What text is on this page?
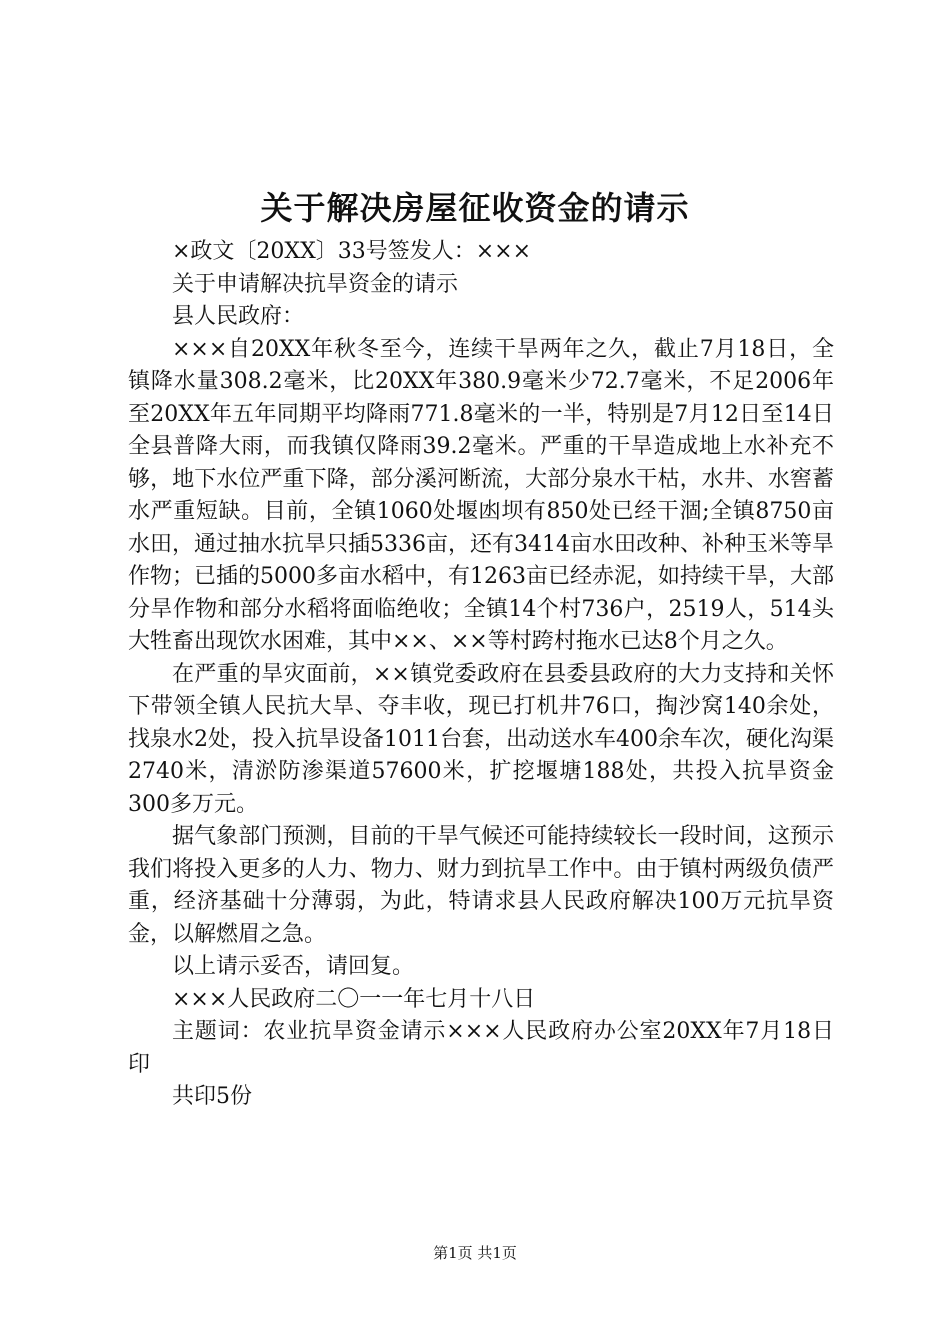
关于解决房屋征收资金的请示

×政文〔20XX〕33号签发人：×××

关于申请解决抗旱资金的请示

县人民政府：

×××自20XX年秋冬至今，连续干旱两年之久，截止7月18日，全镇降水量308.2毫米，比20XX年380.9毫米少72.7毫米，不足2006年至20XX年五年同期平均降雨771.8毫米的一半，特别是7月12日至14日全县普降大雨，而我镇仅降雨39.2毫米。严重的干旱造成地上水补充不够，地下水位严重下降，部分溪河断流，大部分泉水干枯，水井、水窖蓄水严重短缺。目前，全镇1060处堰凼坝有850处已经干涸;全镇8750亩水田，通过抽水抗旱只插5336亩，还有3414亩水田改种、补种玉米等旱作物；已插的5000多亩水稻中，有1263亩已经赤泥，如持续干旱，大部分旱作物和部分水稻将面临绝收；全镇14个村736户，2519人，514头大牲畜出现饮水困难，其中××、××等村跨村拖水已达8个月之久。

在严重的旱灾面前，××镇党委政府在县委县政府的大力支持和关怀下带领全镇人民抗大旱、夺丰收，现已打机井76口，掏沙窝140余处，找泉水2处，投入抗旱设备1011台套，出动送水车400余车次，硬化沟渠2740米，清淤防渗渠道57600米，扩挖堰塘188处，共投入抗旱资金300多万元。

据气象部门预测，目前的干旱气候还可能持续较长一段时间，这预示我们将投入更多的人力、物力、财力到抗旱工作中。由于镇村两级负债严重，经济基础十分薄弱，为此，特请求县人民政府解决100万元抗旱资金，以解燃眉之急。

以上请示妥否，请回复。

×××人民政府二〇一一年七月十八日

主题词：农业抗旱资金请示×××人民政府办公室20XX年7月18日印

共印5份

第1页 共1页
